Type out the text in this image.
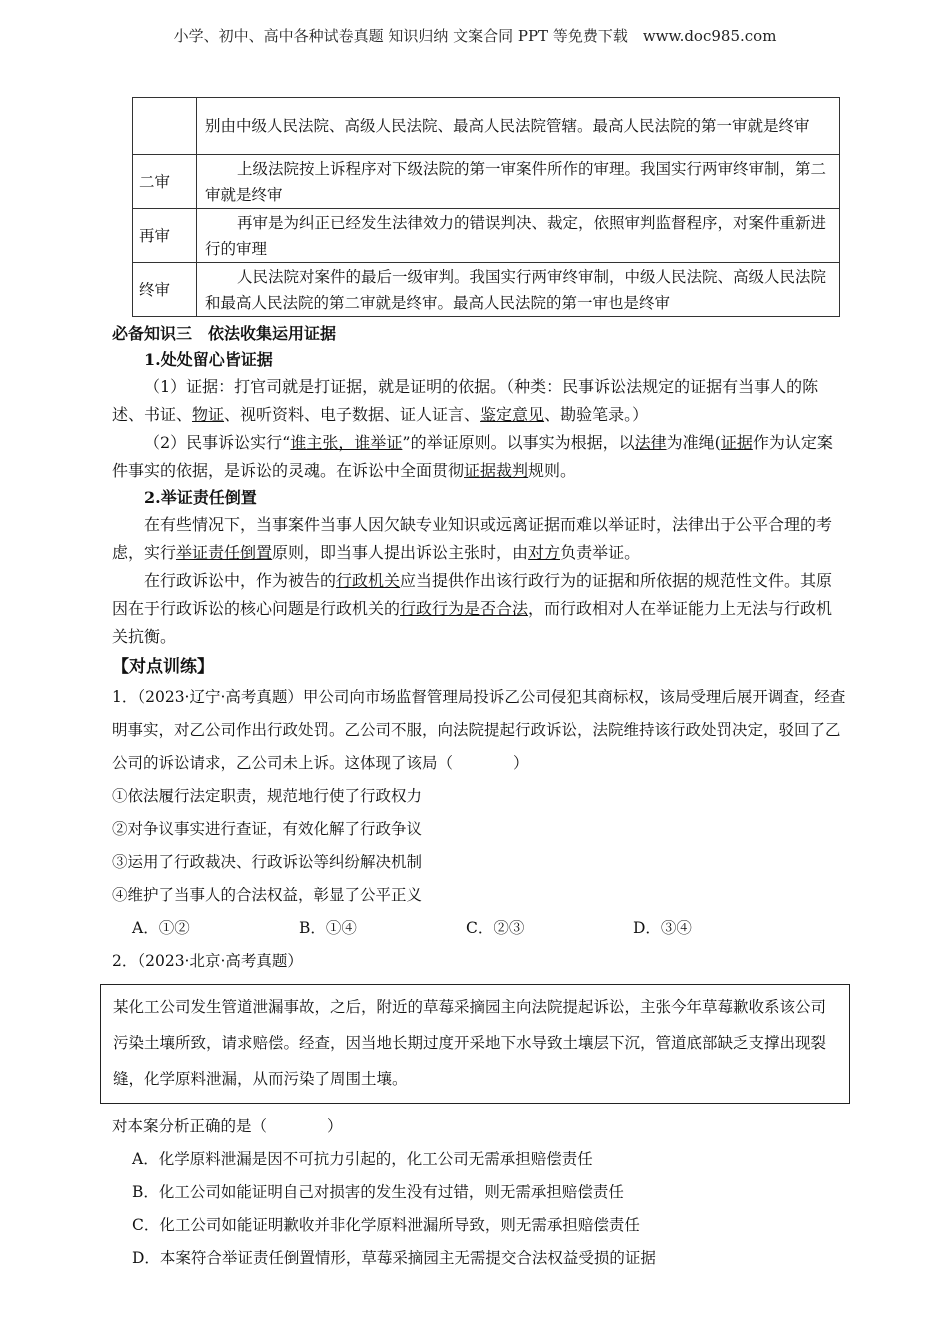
小学、初中、高中各种试卷真题 知识归纳 文案合同 PPT 等免费下载　www.doc985.com
	别由中级人民法院、高级人民法院、最高人民法院管辖。最高人民法院的第一审就是终审
二审	上级法院按上诉程序对下级法院的第一审案件所作的审理。我国实行两审终审制，第二审就是终审
再审	再审是为纠正已经发生法律效力的错误判决、裁定，依照审判监督程序，对案件重新进行的审理
终审	人民法院对案件的最后一级审判。我国实行两审终审制，中级人民法院、高级人民法院和最高人民法院的第二审就是终审。最高人民法院的第一审也是终审
必备知识三　依法收集运用证据
1.处处留心皆证据

（1）证据：打官司就是打证据，就是证明的依据。（种类：民事诉讼法规定的证据有当事人的陈述、书证、物证、视听资料、电子数据、证人证言、鉴定意见、勘验笔录。）

（2）民事诉讼实行“谁主张，谁举证”的举证原则。以事实为根据，以法律为准绳(证据作为认定案件事实的依据，是诉讼的灵魂。在诉讼中全面贯彻证据裁判规则。

2.举证责任倒置

在有些情况下，当事案件当事人因欠缺专业知识或远离证据而难以举证时，法律出于公平合理的考虑，实行举证责任倒置原则，即当事人提出诉讼主张时，由对方负责举证。

在行政诉讼中，作为被告的行政机关应当提供作出该行政行为的证据和所依据的规范性文件。其原因在于行政诉讼的核心问题是行政机关的行政行为是否合法，而行政相对人在举证能力上无法与行政机关抗衡。

【对点训练】

1．（2023·辽宁·高考真题）甲公司向市场监督管理局投诉乙公司侵犯其商标权，该局受理后展开调查，经查明事实，对乙公司作出行政处罚。乙公司不服，向法院提起行政诉讼，法院维持该行政处罚决定，驳回了乙公司的诉讼请求，乙公司未上诉。这体现了该局（	）

①依法履行法定职责，规范地行使了行政权力

②对争议事实进行查证，有效化解了行政争议

③运用了行政裁决、行政诉讼等纠纷解决机制

④维护了当事人的合法权益，彰显了公平正义

A．①②	B．①④	C．②③	D．③④

2．（2023·北京·高考真题）

某化工公司发生管道泄漏事故，之后，附近的草莓采摘园主向法院提起诉讼，主张今年草莓歉收系该公司污染土壤所致，请求赔偿。经查，因当地长期过度开采地下水导致土壤层下沉，管道底部缺乏支撑出现裂缝，化学原料泄漏，从而污染了周围土壤。

对本案分析正确的是（	）

A．化学原料泄漏是因不可抗力引起的，化工公司无需承担赔偿责任
B．化工公司如能证明自己对损害的发生没有过错，则无需承担赔偿责任
C．化工公司如能证明歉收并非化学原料泄漏所导致，则无需承担赔偿责任
D．本案符合举证责任倒置情形，草莓采摘园主无需提交合法权益受损的证据
